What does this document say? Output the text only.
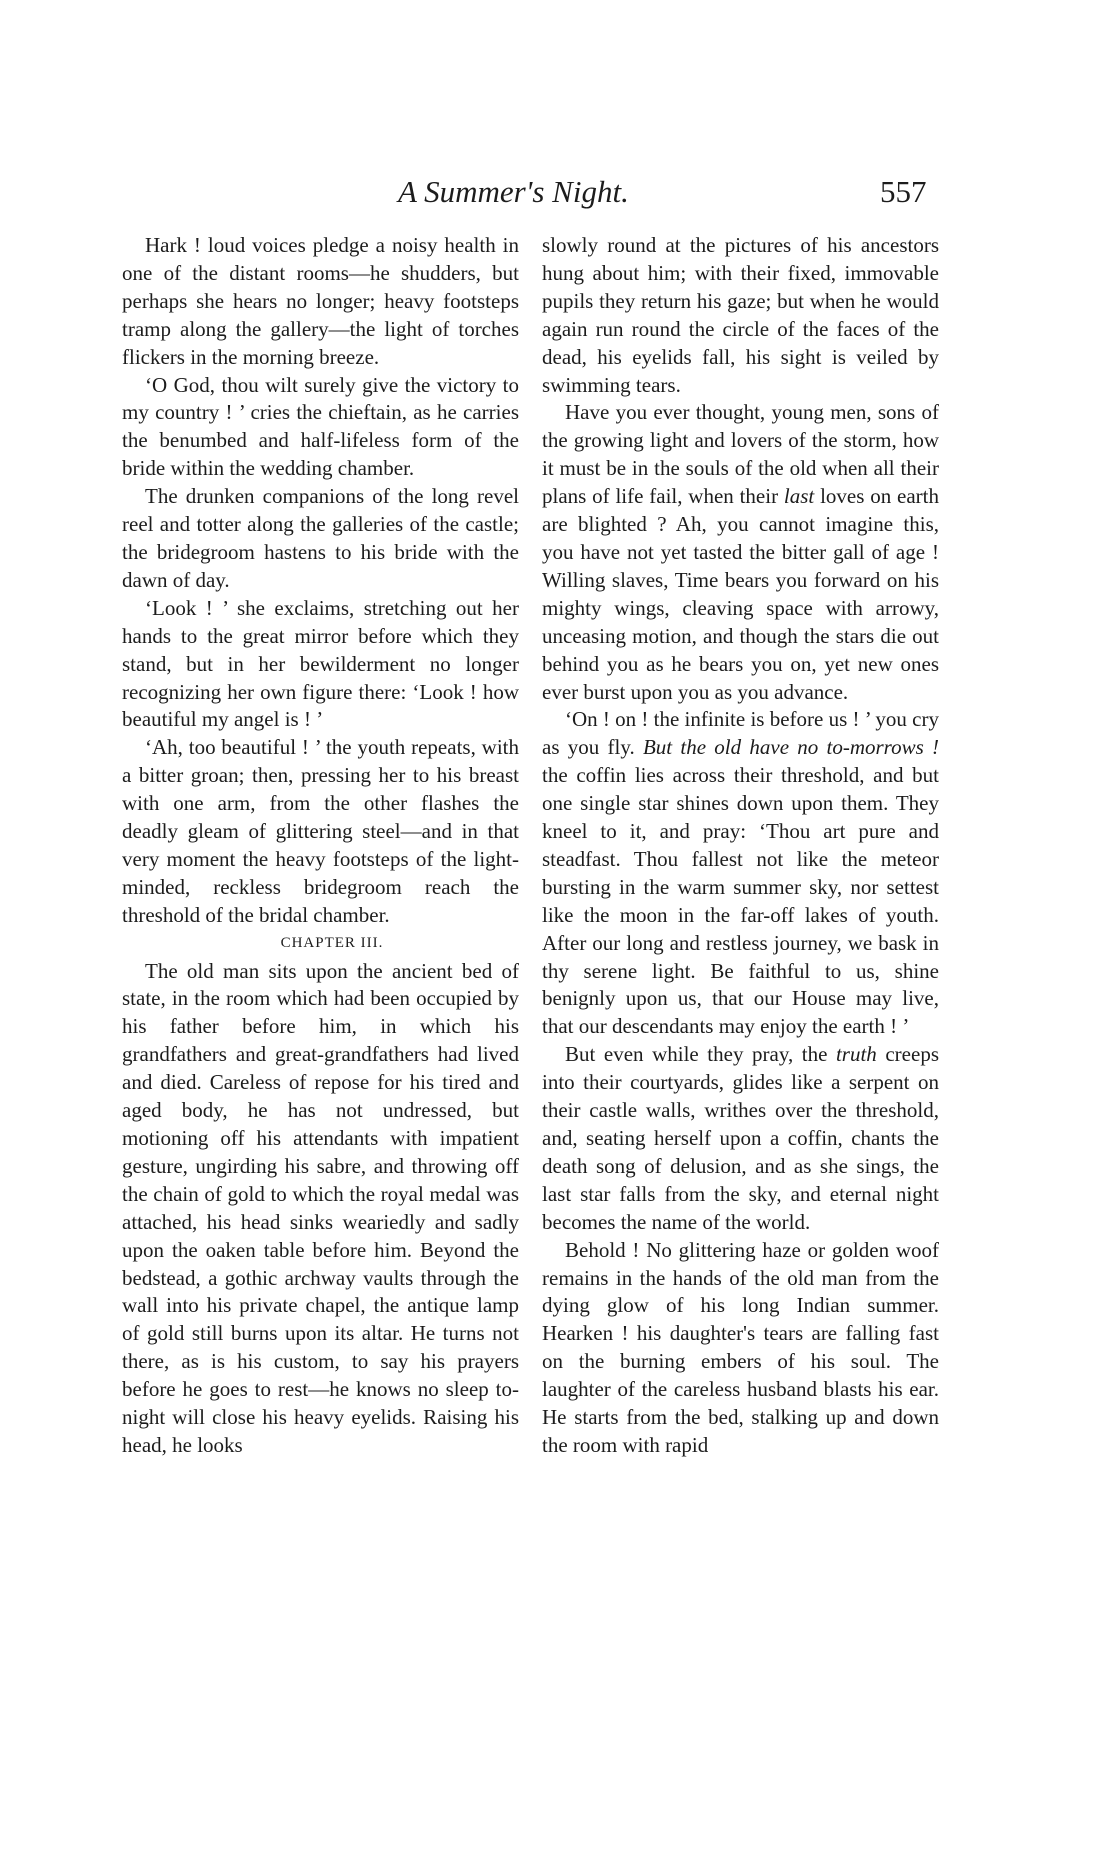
A Summer's Night.	557

Hark ! loud voices pledge a noisy health in one of the distant rooms—he shudders, but perhaps she hears no longer; heavy footsteps tramp along the gallery—the light of torches flickers in the morning breeze.

‘O God, thou wilt surely give the victory to my country ! ’ cries the chieftain, as he carries the benumbed and half-lifeless form of the bride within the wedding chamber.

The drunken companions of the long revel reel and totter along the galleries of the castle; the bridegroom hastens to his bride with the dawn of day.

‘Look ! ’ she exclaims, stretching out her hands to the great mirror before which they stand, but in her bewilderment no longer recognizing her own figure there: ‘Look ! how beautiful my angel is ! ’

‘Ah, too beautiful ! ’ the youth repeats, with a bitter groan; then, pressing her to his breast with one arm, from the other flashes the deadly gleam of glittering steel—and in that very moment the heavy footsteps of the light-minded, reckless bridegroom reach the threshold of the bridal chamber.

CHAPTER III.

The old man sits upon the ancient bed of state, in the room which had been occupied by his father before him, in which his grandfathers and great-grandfathers had lived and died. Careless of repose for his tired and aged body, he has not undressed, but motioning off his attendants with impatient gesture, ungirding his sabre, and throwing off the chain of gold to which the royal medal was attached, his head sinks weariedly and sadly upon the oaken table before him. Beyond the bedstead, a gothic archway vaults through the wall into his private chapel, the antique lamp of gold still burns upon its altar. He turns not there, as is his custom, to say his prayers before he goes to rest—he knows no sleep to-night will close his heavy eyelids. Raising his head, he looks

slowly round at the pictures of his ancestors hung about him; with their fixed, immovable pupils they return his gaze; but when he would again run round the circle of the faces of the dead, his eyelids fall, his sight is veiled by swimming tears.

Have you ever thought, young men, sons of the growing light and lovers of the storm, how it must be in the souls of the old when all their plans of life fail, when their last loves on earth are blighted ? Ah, you cannot imagine this, you have not yet tasted the bitter gall of age ! Willing slaves, Time bears you forward on his mighty wings, cleaving space with arrowy, unceasing motion, and though the stars die out behind you as he bears you on, yet new ones ever burst upon you as you advance.

‘On ! on ! the infinite is before us ! ’ you cry as you fly. But the old have no to-morrows ! the coffin lies across their threshold, and but one single star shines down upon them. They kneel to it, and pray: ‘Thou art pure and steadfast. Thou fallest not like the meteor bursting in the warm summer sky, nor settest like the moon in the far-off lakes of youth. After our long and restless journey, we bask in thy serene light. Be faithful to us, shine benignly upon us, that our House may live, that our descendants may enjoy the earth ! ’

But even while they pray, the truth creeps into their courtyards, glides like a serpent on their castle walls, writhes over the threshold, and, seating herself upon a coffin, chants the death song of delusion, and as she sings, the last star falls from the sky, and eternal night becomes the name of the world.

Behold ! No glittering haze or golden woof remains in the hands of the old man from the dying glow of his long Indian summer. Hearken ! his daughter's tears are falling fast on the burning embers of his soul. The laughter of the careless husband blasts his ear. He starts from the bed, stalking up and down the room with rapid
